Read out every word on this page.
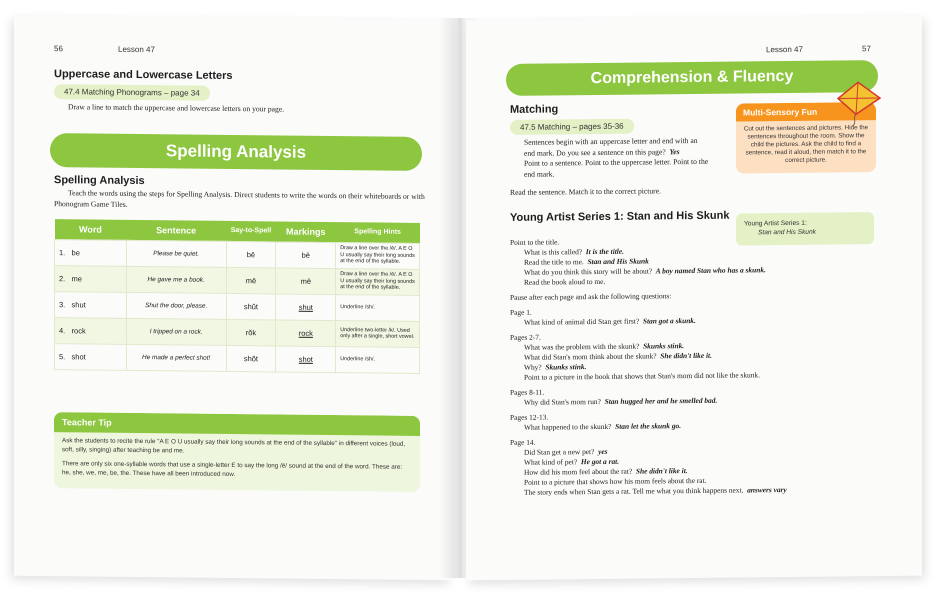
56	Lesson 47
Uppercase and Lowercase Letters
47.4 Matching Phonograms – page 34
Draw a line to match the uppercase and lowercase letters on your page.
Spelling Analysis
Spelling Analysis
Teach the words using the steps for Spelling Analysis. Direct students to write the words on their whiteboards or with Phonogram Game Tiles.
Word	Sentence	Say-to-Spell	Markings	Spelling Hints
1. be	Please be quiet.	bē	bē	Draw a line over the /ē/. A E O U usually say their long sounds at the end of the syllable.
2. me	He gave me a book.	mē	mē	Draw a line over the /ē/. A E O U usually say their long sounds at the end of the syllable.
3. shut	Shut the door, please.	shŭt	shut	Underline /sh/.
4. rock	I tripped on a rock.	rŏk	rock	Underline two-letter /k/. Used only after a single, short vowel.
5. shot	He made a perfect shot!	shŏt	shot	Underline /sh/.
Teacher Tip

Ask the students to recite the rule "A E O U usually say their long sounds at the end of the syllable" in different voices (loud, soft, silly, singing) after teaching be and me.

There are only six one-syllable words that use a single-letter E to say the long /ē/ sound at the end of the word. These are: he, she, we, me, be, the. These have all been introduced now.

Lesson 47	57
Comprehension & Fluency
Matching
47.5 Matching – pages 35-36
Sentences begin with an uppercase letter and end with an
end mark. Do you see a sentence on this page? Yes
Point to a sentence. Point to the uppercase letter. Point to the
end mark.
Read the sentence. Match it to the correct picture.
Multi-Sensory Fun
Cut out the sentences and pictures. Hide the sentences throughout the room. Show the child the pictures. Ask the child to find a sentence, read it aloud, then match it to the correct picture.
Young Artist Series 1: Stan and His Skunk Young Artist Series 1:
Stan and His Skunk
Point to the title.
What is this called? It is the title.
Read the title to me. Stan and His Skunk
What do you think this story will be about? A boy named Stan who has a skunk.
Read the book aloud to me.
Pause after each page and ask the following questions:
Page 1.
What kind of animal did Stan get first? Stan got a skunk.
Pages 2-7.
What was the problem with the skunk? Skunks stink.
What did Stan's mom think about the skunk? She didn't like it.
Why? Skunks stink.
Point to a picture in the book that shows that Stan's mom did not like the skunk.
Pages 8-11.
Why did Stan's mom run? Stan hugged her and he smelled bad.
Pages 12-13.
What happened to the skunk? Stan let the skunk go.
Page 14.
Did Stan get a new pet? yes
What kind of pet? He got a rat.
How did his mom feel about the rat? She didn't like it.
Point to a picture that shows how his mom feels about the rat.
The story ends when Stan gets a rat. Tell me what you think happens next. answers vary
